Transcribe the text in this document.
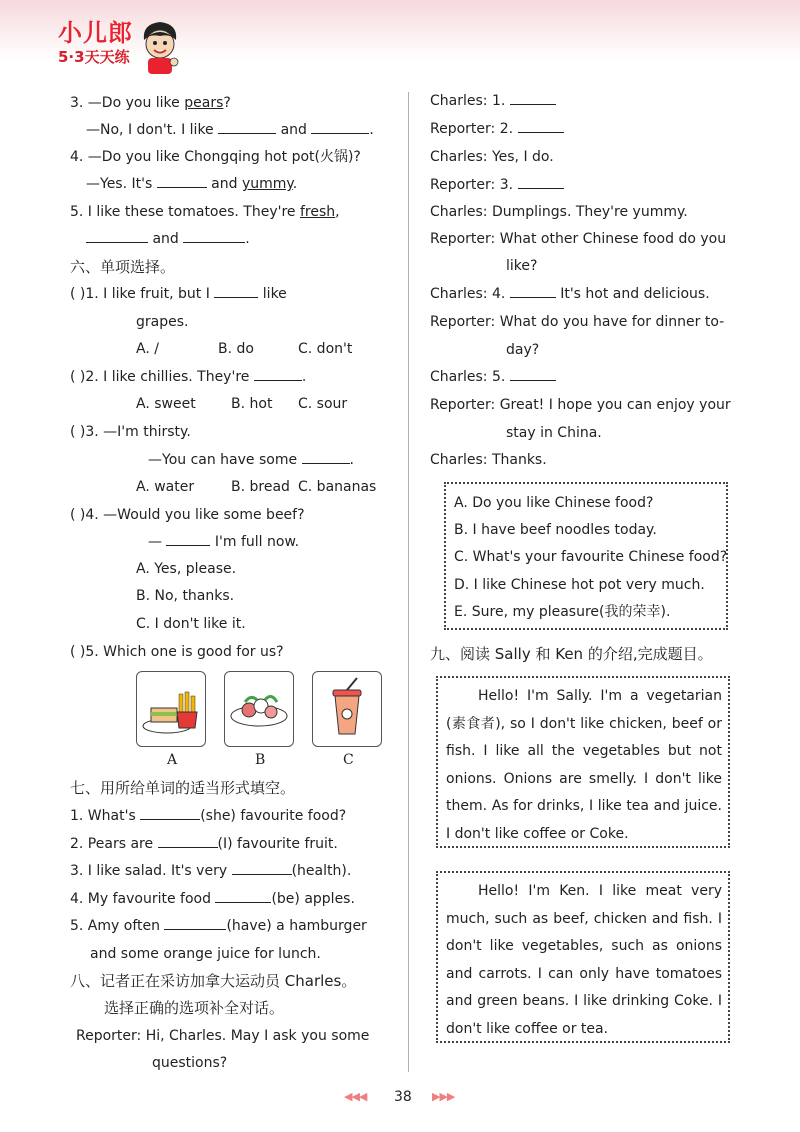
小儿郎
5·3天天练
3. —Do you like pears?
—No, I don't. I like	and	.
4. —Do you like Chongqing hot pot(火锅)?
—Yes. It's	and yummy.
5. I like these tomatoes. They're fresh,
and	.
六、单项选择。
( )1. I like fruit, but I	like
grapes.
A. /	B. do	C. don't
( )2. I like chillies. They're	.
A. sweet	B. hot C. sour
( )3. —I'm thirsty.
—You can have some	.
A. water	B. bread C. bananas
( )4. —Would you like some beef?
—	I'm full now.
A. Yes, please.
B. No, thanks.
C. I don't like it.
( )5. Which one is good for us?
A	B	C
七、用所给单词的适当形式填空。
1. What's	(she) favourite food?
2. Pears are	(I) favourite fruit.
3. I like salad. It's very	(health).
4. My favourite food	(be) apples.
5. Amy often	(have) a hamburger
and some orange juice for lunch.
八、记者正在采访加拿大运动员 Charles。
选择正确的选项补全对话。
Reporter: Hi, Charles. May I ask you some
questions?
Charles: 1.
Reporter: 2.
Charles: Yes, I do.
Reporter: 3.
Charles: Dumplings. They're yummy.
Reporter: What other Chinese food do you
like?
Charles: 4.	It's hot and delicious.
Reporter: What do you have for dinner to-
day?
Charles: 5.
Reporter: Great! I hope you can enjoy your
stay in China.
Charles: Thanks.
A. Do you like Chinese food?
B. I have beef noodles today.
C. What's your favourite Chinese food?
D. I like Chinese hot pot very much.
E. Sure, my pleasure(我的荣幸).
九、阅读 Sally 和 Ken 的介绍,完成题目。
Hello! I'm Sally. I'm a vegetarian (素食者), so I don't like chicken, beef or fish. I like all the vegetables but not onions. Onions are smelly. I don't like them. As for drinks, I like tea and juice. I don't like coffee or Coke.
Hello! I'm Ken. I like meat very much, such as beef, chicken and fish. I don't like vegetables, such as onions and carrots. I can only have tomatoes and green beans. I like drinking Coke. I don't like coffee or tea.
◀◀◀ 38 ▶▶▶
